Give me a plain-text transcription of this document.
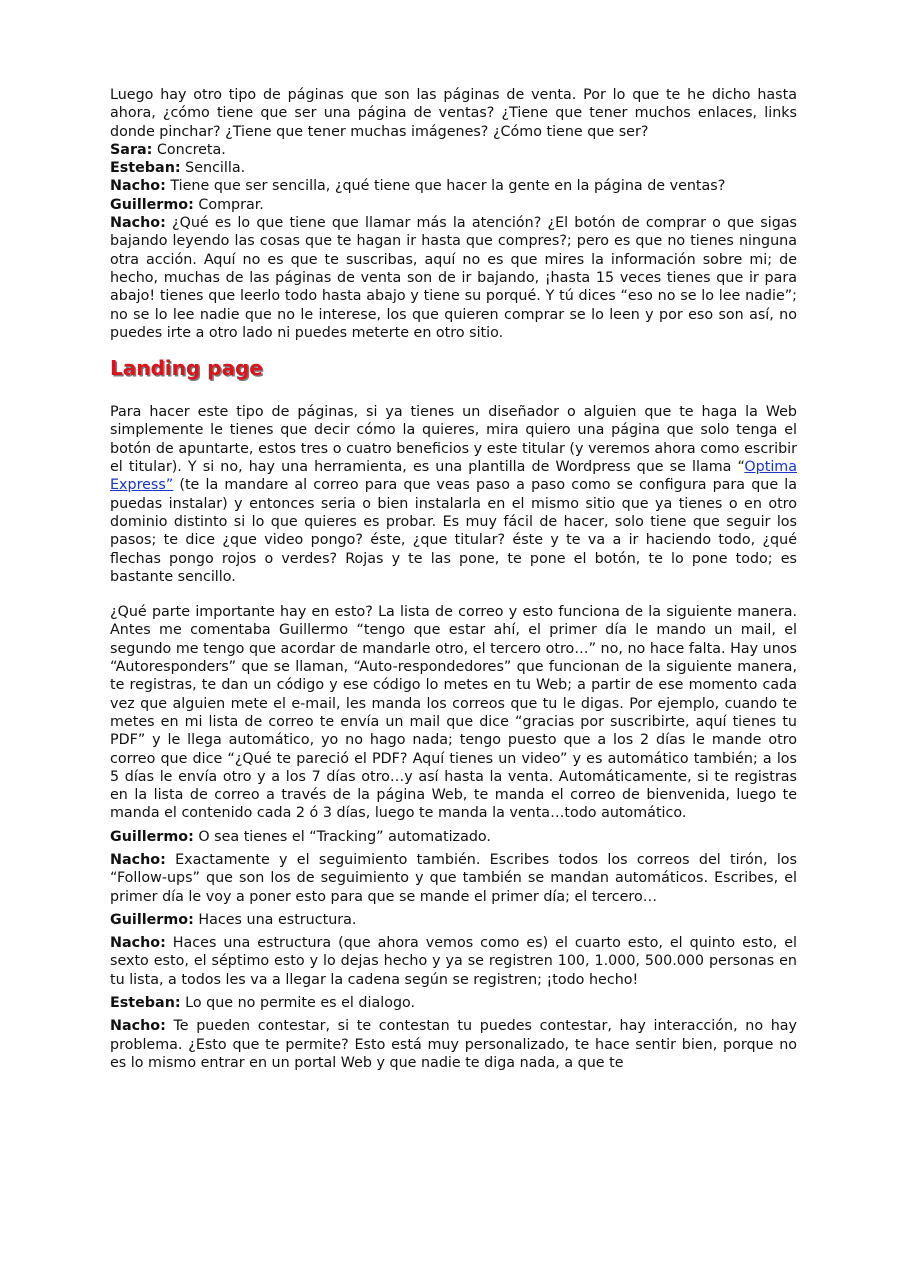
Luego hay otro tipo de páginas que son las páginas de venta. Por lo que te he dicho hasta ahora, ¿cómo tiene que ser una página de ventas? ¿Tiene que tener muchos enlaces, links donde pinchar? ¿Tiene que tener muchas imágenes? ¿Cómo tiene que ser?

Sara: Concreta.

Esteban: Sencilla.

Nacho: Tiene que ser sencilla, ¿qué tiene que hacer la gente en la página de ventas?

Guillermo: Comprar.

Nacho: ¿Qué es lo que tiene que llamar más la atención? ¿El botón de comprar o que sigas bajando leyendo las cosas que te hagan ir hasta que compres?; pero es que no tienes ninguna otra acción. Aquí no es que te suscribas, aquí no es que mires la información sobre mi; de hecho, muchas de las páginas de venta son de ir bajando, ¡hasta 15 veces tienes que ir para abajo! tienes que leerlo todo hasta abajo y tiene su porqué. Y tú dices “eso no se lo lee nadie”; no se lo lee nadie que no le interese, los que quieren comprar se lo leen y por eso son así, no puedes irte a otro lado ni puedes meterte en otro sitio.

Landing page

Para hacer este tipo de páginas, si ya tienes un diseñador o alguien que te haga la Web simplemente le tienes que decir cómo la quieres, mira quiero una página que solo tenga el botón de apuntarte, estos tres o cuatro beneficios y este titular (y veremos ahora como escribir el titular). Y si no, hay una herramienta, es una plantilla de Wordpress que se llama “Optima Express” (te la mandare al correo para que veas paso a paso como se configura para que la puedas instalar) y entonces seria o bien instalarla en el mismo sitio que ya tienes o en otro dominio distinto si lo que quieres es probar. Es muy fácil de hacer, solo tiene que seguir los pasos; te dice ¿que video pongo? éste, ¿que titular? éste y te va a ir haciendo todo, ¿qué flechas pongo rojos o verdes? Rojas y te las pone, te pone el botón, te lo pone todo; es bastante sencillo.

¿Qué parte importante hay en esto? La lista de correo y esto funciona de la siguiente manera. Antes me comentaba Guillermo “tengo que estar ahí, el primer día le mando un mail, el segundo me tengo que acordar de mandarle otro, el tercero otro…” no, no hace falta. Hay unos “Autoresponders” que se llaman, “Auto-respondedores” que funcionan de la siguiente manera, te registras, te dan un código y ese código lo metes en tu Web; a partir de ese momento cada vez que alguien mete el e-mail, les manda los correos que tu le digas. Por ejemplo, cuando te metes en mi lista de correo te envía un mail que dice “gracias por suscribirte, aquí tienes tu PDF” y le llega automático, yo no hago nada; tengo puesto que a los 2 días le mande otro correo que dice “¿Qué te pareció el PDF? Aquí tienes un video” y es automático también; a los 5 días le envía otro y a los 7 días otro…y así hasta la venta. Automáticamente, si te registras en la lista de correo a través de la página Web, te manda el correo de bienvenida, luego te manda el contenido cada 2 ó 3 días, luego te manda la venta…todo automático.

Guillermo: O sea tienes el “Tracking” automatizado.

Nacho: Exactamente y el seguimiento también. Escribes todos los correos del tirón, los “Follow-ups” que son los de seguimiento y que también se mandan automáticos. Escribes, el primer día le voy a poner esto para que se mande el primer día; el tercero…

Guillermo: Haces una estructura.

Nacho: Haces una estructura (que ahora vemos como es) el cuarto esto, el quinto esto, el sexto esto, el séptimo esto y lo dejas hecho y ya se registren 100, 1.000, 500.000 personas en tu lista, a todos les va a llegar la cadena según se registren; ¡todo hecho!

Esteban: Lo que no permite es el dialogo.

Nacho: Te pueden contestar, si te contestan tu puedes contestar, hay interacción, no hay problema. ¿Esto que te permite? Esto está muy personalizado, te hace sentir bien, porque no es lo mismo entrar en un portal Web y que nadie te diga nada, a que te
